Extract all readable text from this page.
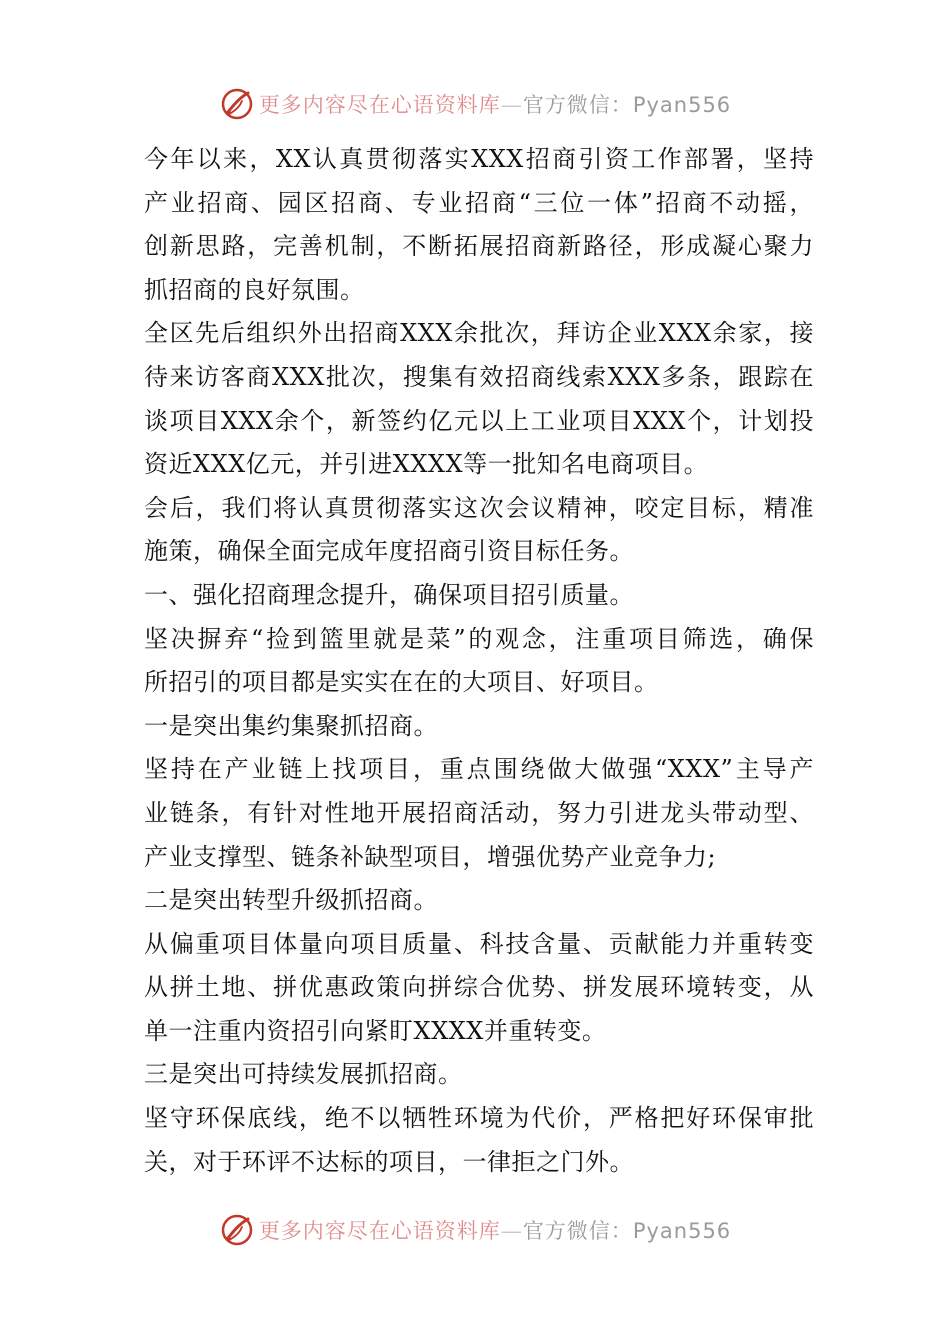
更多内容尽在心语资料库—官方微信：Pyan556
今年以来，XX认真贯彻落实XXX招商引资工作部署，坚持
产业招商、园区招商、专业招商“三位一体”招商不动摇，
创新思路，完善机制，不断拓展招商新路径，形成凝心聚力
抓招商的良好氛围。
全区先后组织外出招商XXX余批次，拜访企业XXX余家，接
待来访客商XXX批次，搜集有效招商线索XXX多条，跟踪在
谈项目XXX余个，新签约亿元以上工业项目XXX个，计划投
资近XXX亿元，并引进XXXX等一批知名电商项目。
会后，我们将认真贯彻落实这次会议精神，咬定目标，精准
施策，确保全面完成年度招商引资目标任务。
一、强化招商理念提升，确保项目招引质量。
坚决摒弃“捡到篮里就是菜”的观念，注重项目筛选，确保
所招引的项目都是实实在在的大项目、好项目。
一是突出集约集聚抓招商。
坚持在产业链上找项目，重点围绕做大做强“XXX”主导产
业链条，有针对性地开展招商活动，努力引进龙头带动型、
产业支撑型、链条补缺型项目，增强优势产业竞争力;
二是突出转型升级抓招商。
从偏重项目体量向项目质量、科技含量、贡献能力并重转变
从拼土地、拼优惠政策向拼综合优势、拼发展环境转变，从
单一注重内资招引向紧盯XXXX并重转变。
三是突出可持续发展抓招商。
坚守环保底线，绝不以牺牲环境为代价，严格把好环保审批
关，对于环评不达标的项目，一律拒之门外。
更多内容尽在心语资料库—官方微信：Pyan556
